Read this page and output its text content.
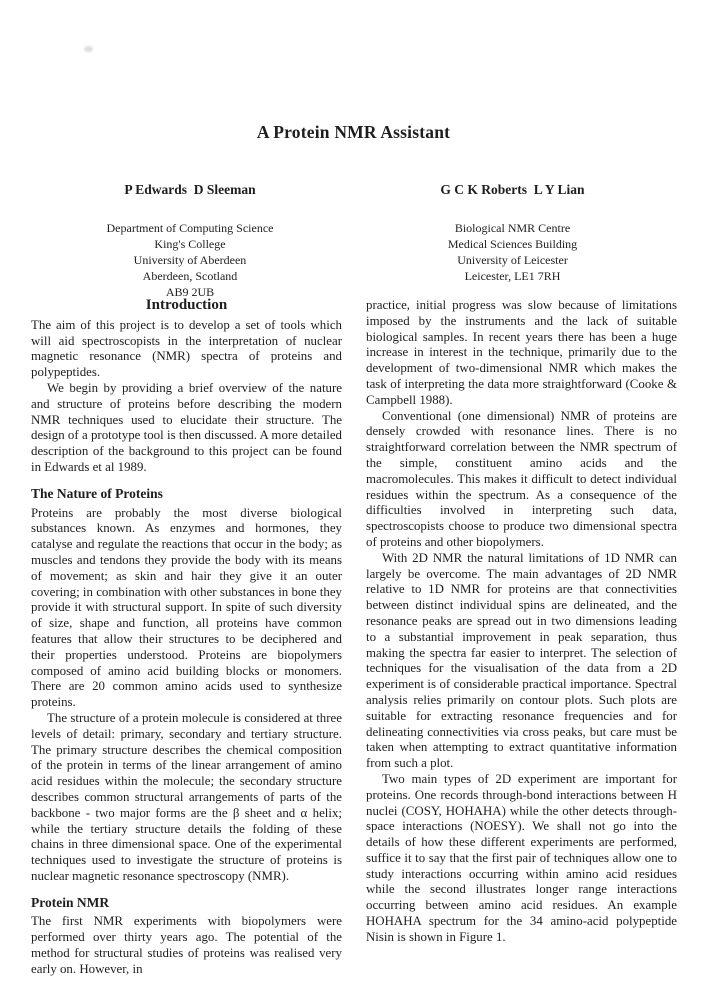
A Protein NMR Assistant
P Edwards  D Sleeman
Department of Computing Science
King's College
University of Aberdeen
Aberdeen, Scotland
AB9 2UB
G C K Roberts  L Y Lian
Biological NMR Centre
Medical Sciences Building
University of Leicester
Leicester, LE1 7RH
Introduction

The aim of this project is to develop a set of tools which will aid spectroscopists in the interpretation of nuclear magnetic resonance (NMR) spectra of proteins and polypeptides.

We begin by providing a brief overview of the nature and structure of proteins before describing the modern NMR techniques used to elucidate their structure. The design of a prototype tool is then discussed. A more detailed description of the background to this project can be found in Edwards et al 1989.

The Nature of Proteins

Proteins are probably the most diverse biological substances known. As enzymes and hormones, they catalyse and regulate the reactions that occur in the body; as muscles and tendons they provide the body with its means of movement; as skin and hair they give it an outer covering; in combination with other substances in bone they provide it with structural support. In spite of such diversity of size, shape and function, all proteins have common features that allow their structures to be deciphered and their properties understood. Proteins are biopolymers composed of amino acid building blocks or monomers. There are 20 common amino acids used to synthesize proteins.

The structure of a protein molecule is considered at three levels of detail: primary, secondary and tertiary structure. The primary structure describes the chemical composition of the protein in terms of the linear arrangement of amino acid residues within the molecule; the secondary structure describes common structural arrangements of parts of the backbone - two major forms are the β sheet and α helix; while the tertiary structure details the folding of these chains in three dimensional space. One of the experimental techniques used to investigate the structure of proteins is nuclear magnetic resonance spectroscopy (NMR).

Protein NMR

The first NMR experiments with biopolymers were performed over thirty years ago. The potential of the method for structural studies of proteins was realised very early on. However, in

practice, initial progress was slow because of limitations imposed by the instruments and the lack of suitable biological samples. In recent years there has been a huge increase in interest in the technique, primarily due to the development of two-dimensional NMR which makes the task of interpreting the data more straightforward (Cooke & Campbell 1988).

Conventional (one dimensional) NMR of proteins are densely crowded with resonance lines. There is no straightforward correlation between the NMR spectrum of the simple, constituent amino acids and the macromolecules. This makes it difficult to detect individual residues within the spectrum. As a consequence of the difficulties involved in interpreting such data, spectroscopists choose to produce two dimensional spectra of proteins and other biopolymers.

With 2D NMR the natural limitations of 1D NMR can largely be overcome. The main advantages of 2D NMR relative to 1D NMR for proteins are that connectivities between distinct individual spins are delineated, and the resonance peaks are spread out in two dimensions leading to a substantial improvement in peak separation, thus making the spectra far easier to interpret. The selection of techniques for the visualisation of the data from a 2D experiment is of considerable practical importance. Spectral analysis relies primarily on contour plots. Such plots are suitable for extracting resonance frequencies and for delineating connectivities via cross peaks, but care must be taken when attempting to extract quantitative information from such a plot.

Two main types of 2D experiment are important for proteins. One records through-bond interactions between H nuclei (COSY, HOHAHA) while the other detects through-space interactions (NOESY). We shall not go into the details of how these different experiments are performed, suffice it to say that the first pair of techniques allow one to study interactions occurring within amino acid residues while the second illustrates longer range interactions occurring between amino acid residues. An example HOHAHA spectrum for the 34 amino-acid polypeptide Nisin is shown in Figure 1.
